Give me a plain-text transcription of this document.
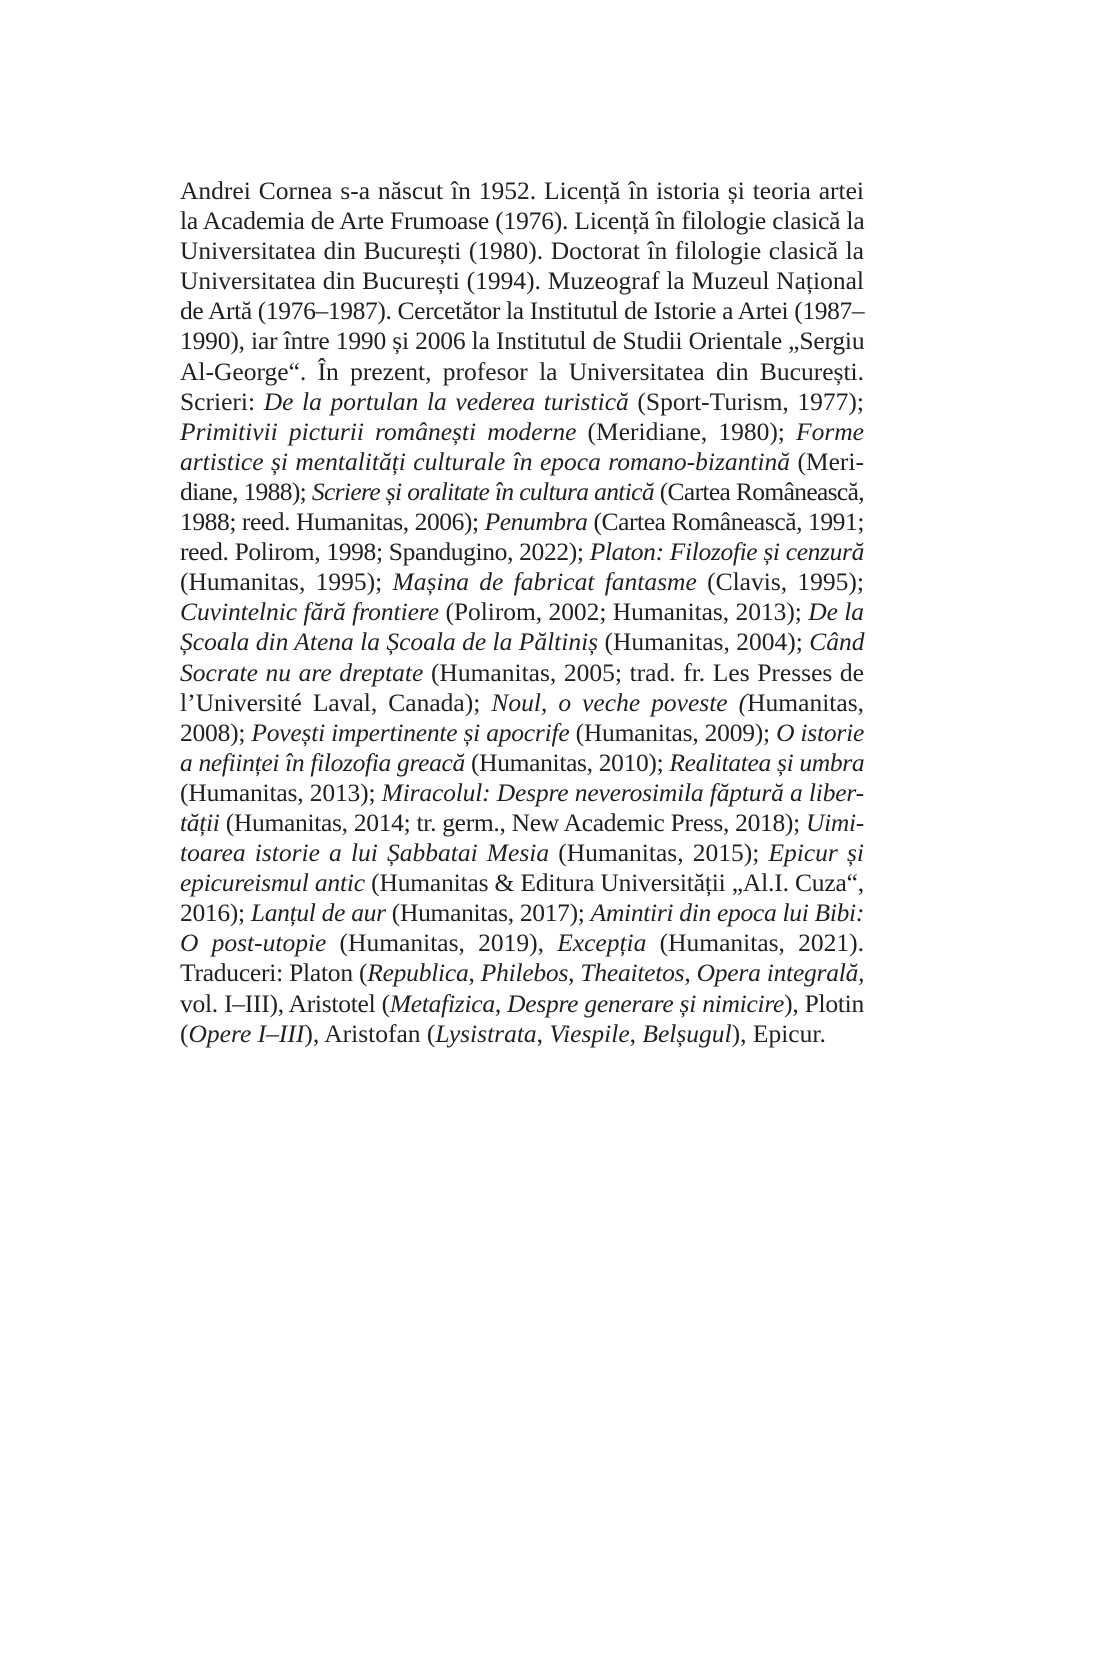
Andrei Cornea s-a născut în 1952. Licență în istoria și teoria artei
la Academia de Arte Frumoase (1976). Licență în filologie clasică la
Universitatea din București (1980). Doctorat în filologie clasică la
Universitatea din București (1994). Muzeograf la Muzeul Național
de Artă (1976–1987). Cercetător la Institutul de Istorie a Artei (1987–
1990), iar între 1990 și 2006 la Institutul de Studii Orientale „Sergiu
Al-George“. În prezent, profesor la Universitatea din București.
Scrieri: De la portulan la vederea turistică (Sport-Turism, 1977);
Primitivii picturii românești moderne (Meridiane, 1980); Forme
artistice și mentalități culturale în epoca romano-bizantină (Meri-
diane, 1988); Scriere și oralitate în cultura antică (Cartea Românească,
1988; reed. Humanitas, 2006); Penumbra (Cartea Românească, 1991;
reed. Polirom, 1998; Spandugino, 2022); Platon: Filozofie și cenzură
(Humanitas, 1995); Mașina de fabricat fantasme (Clavis, 1995);
Cuvintelnic fără frontiere (Polirom, 2002; Humanitas, 2013); De la
Școala din Atena la Școala de la Păltiniș (Humanitas, 2004); Când
Socrate nu are dreptate (Humanitas, 2005; trad. fr. Les Presses de
l’Université Laval, Canada); Noul, o veche poveste (Humanitas,
2008); Povești impertinente și apocrife (Humanitas, 2009); O istorie
a neființei în filozofia greacă (Humanitas, 2010); Realitatea și umbra
(Humanitas, 2013); Miracolul: Despre neverosimila făptură a liber-
tății (Humanitas, 2014; tr. germ., New Academic Press, 2018); Uimi-
toarea istorie a lui Șabbatai Mesia (Humanitas, 2015); Epicur și
epicureismul antic (Humanitas & Editura Universității „Al.I. Cuza“,
2016); Lanțul de aur (Humanitas, 2017); Amintiri din epoca lui Bibi:
O post-utopie (Humanitas, 2019), Excepția (Humanitas, 2021).
Traduceri: Platon (Republica, Philebos, Theaitetos, Opera integrală,
vol. I–III), Aristotel (Metafizica, Despre generare și nimicire), Plotin
(Opere I–III), Aristofan (Lysistrata, Viespile, Belșugul), Epicur.
